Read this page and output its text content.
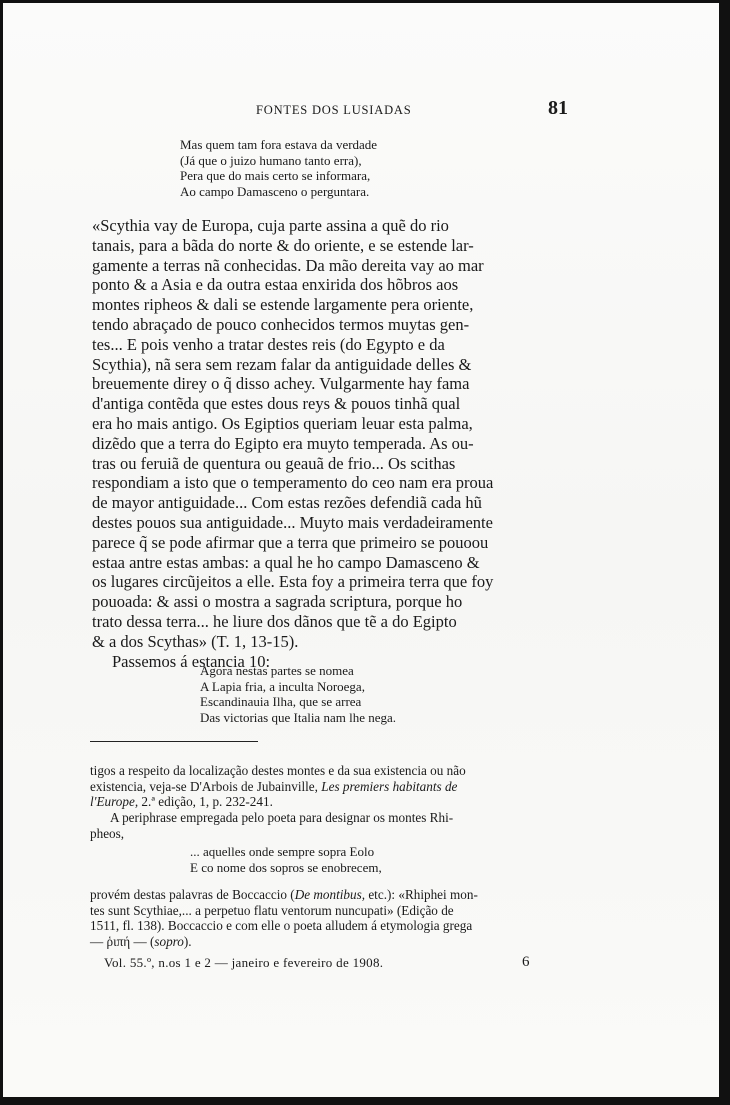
FONTES DOS LUSIADAS	81
Mas quem tam fora estava da verdade
(Já que o juizo humano tanto erra),
Pera que do mais certo se informara,
Ao campo Damasceno o perguntara.
«Scythia vay de Europa, cuja parte assina a quẽ do rio
tanais, para a bãda do norte & do oriente, e se estende lar-
gamente a terras nã conhecidas. Da mão dereita vay ao mar
ponto & a Asia e da outra estaa enxirida dos hõbros aos
montes ripheos & dali se estende largamente pera oriente,
tendo abraçado de pouco conhecidos termos muytas gen-
tes... E pois venho a tratar destes reis (do Egypto e da
Scythia), nã sera sem rezam falar da antiguidade delles &
breuemente direy o q̃ disso achey. Vulgarmente hay fama
d'antiga contẽda que estes dous reys & pouos tinhã qual
era ho mais antigo. Os Egiptios queriam leuar esta palma,
dizẽdo que a terra do Egipto era muyto temperada. As ou-
tras ou feruiã de quentura ou geauã de frio... Os scithas
respondiam a isto que o temperamento do ceo nam era proua
de mayor antiguidade... Com estas rezões defendiã cada hũ
destes pouos sua antiguidade... Muyto mais verdadeiramente
parece q̃ se pode afirmar que a terra que primeiro se pouoou
estaa antre estas ambas: a qual he ho campo Damasceno &
os lugares circũjeitos a elle. Esta foy a primeira terra que foy
pouoada: & assi o mostra a sagrada scriptura, porque ho
trato dessa terra... he liure dos dãnos que tẽ a do Egipto
& a dos Scythas» (T. 1, 13-15).
Passemos á estancia 10:
Agora nestas partes se nomea
A Lapia fria, a inculta Noroega,
Escandinauia Ilha, que se arrea
Das victorias que Italia nam lhe nega.
tigos a respeito da localização destes montes e da sua existencia ou não
existencia, veja-se D'Arbois de Jubainville, Les premiers habitants de
l'Europe, 2.ª edição, 1, p. 232-241.
A periphrase empregada pelo poeta para designar os montes Rhi-
pheos,
... aquelles onde sempre sopra Eolo
E co nome dos sopros se enobrecem,
provém destas palavras de Boccaccio (De montibus, etc.): «Rhiphei mon-
tes sunt Scythiae,... a perpetuo flatu ventorum nuncupati» (Edição de
1511, fl. 138). Boccaccio e com elle o poeta alludem á etymologia grega
— ῥιπή — (sopro).
Vol. 55.º, n.os 1 e 2 — janeiro e fevereiro de 1908.	6
